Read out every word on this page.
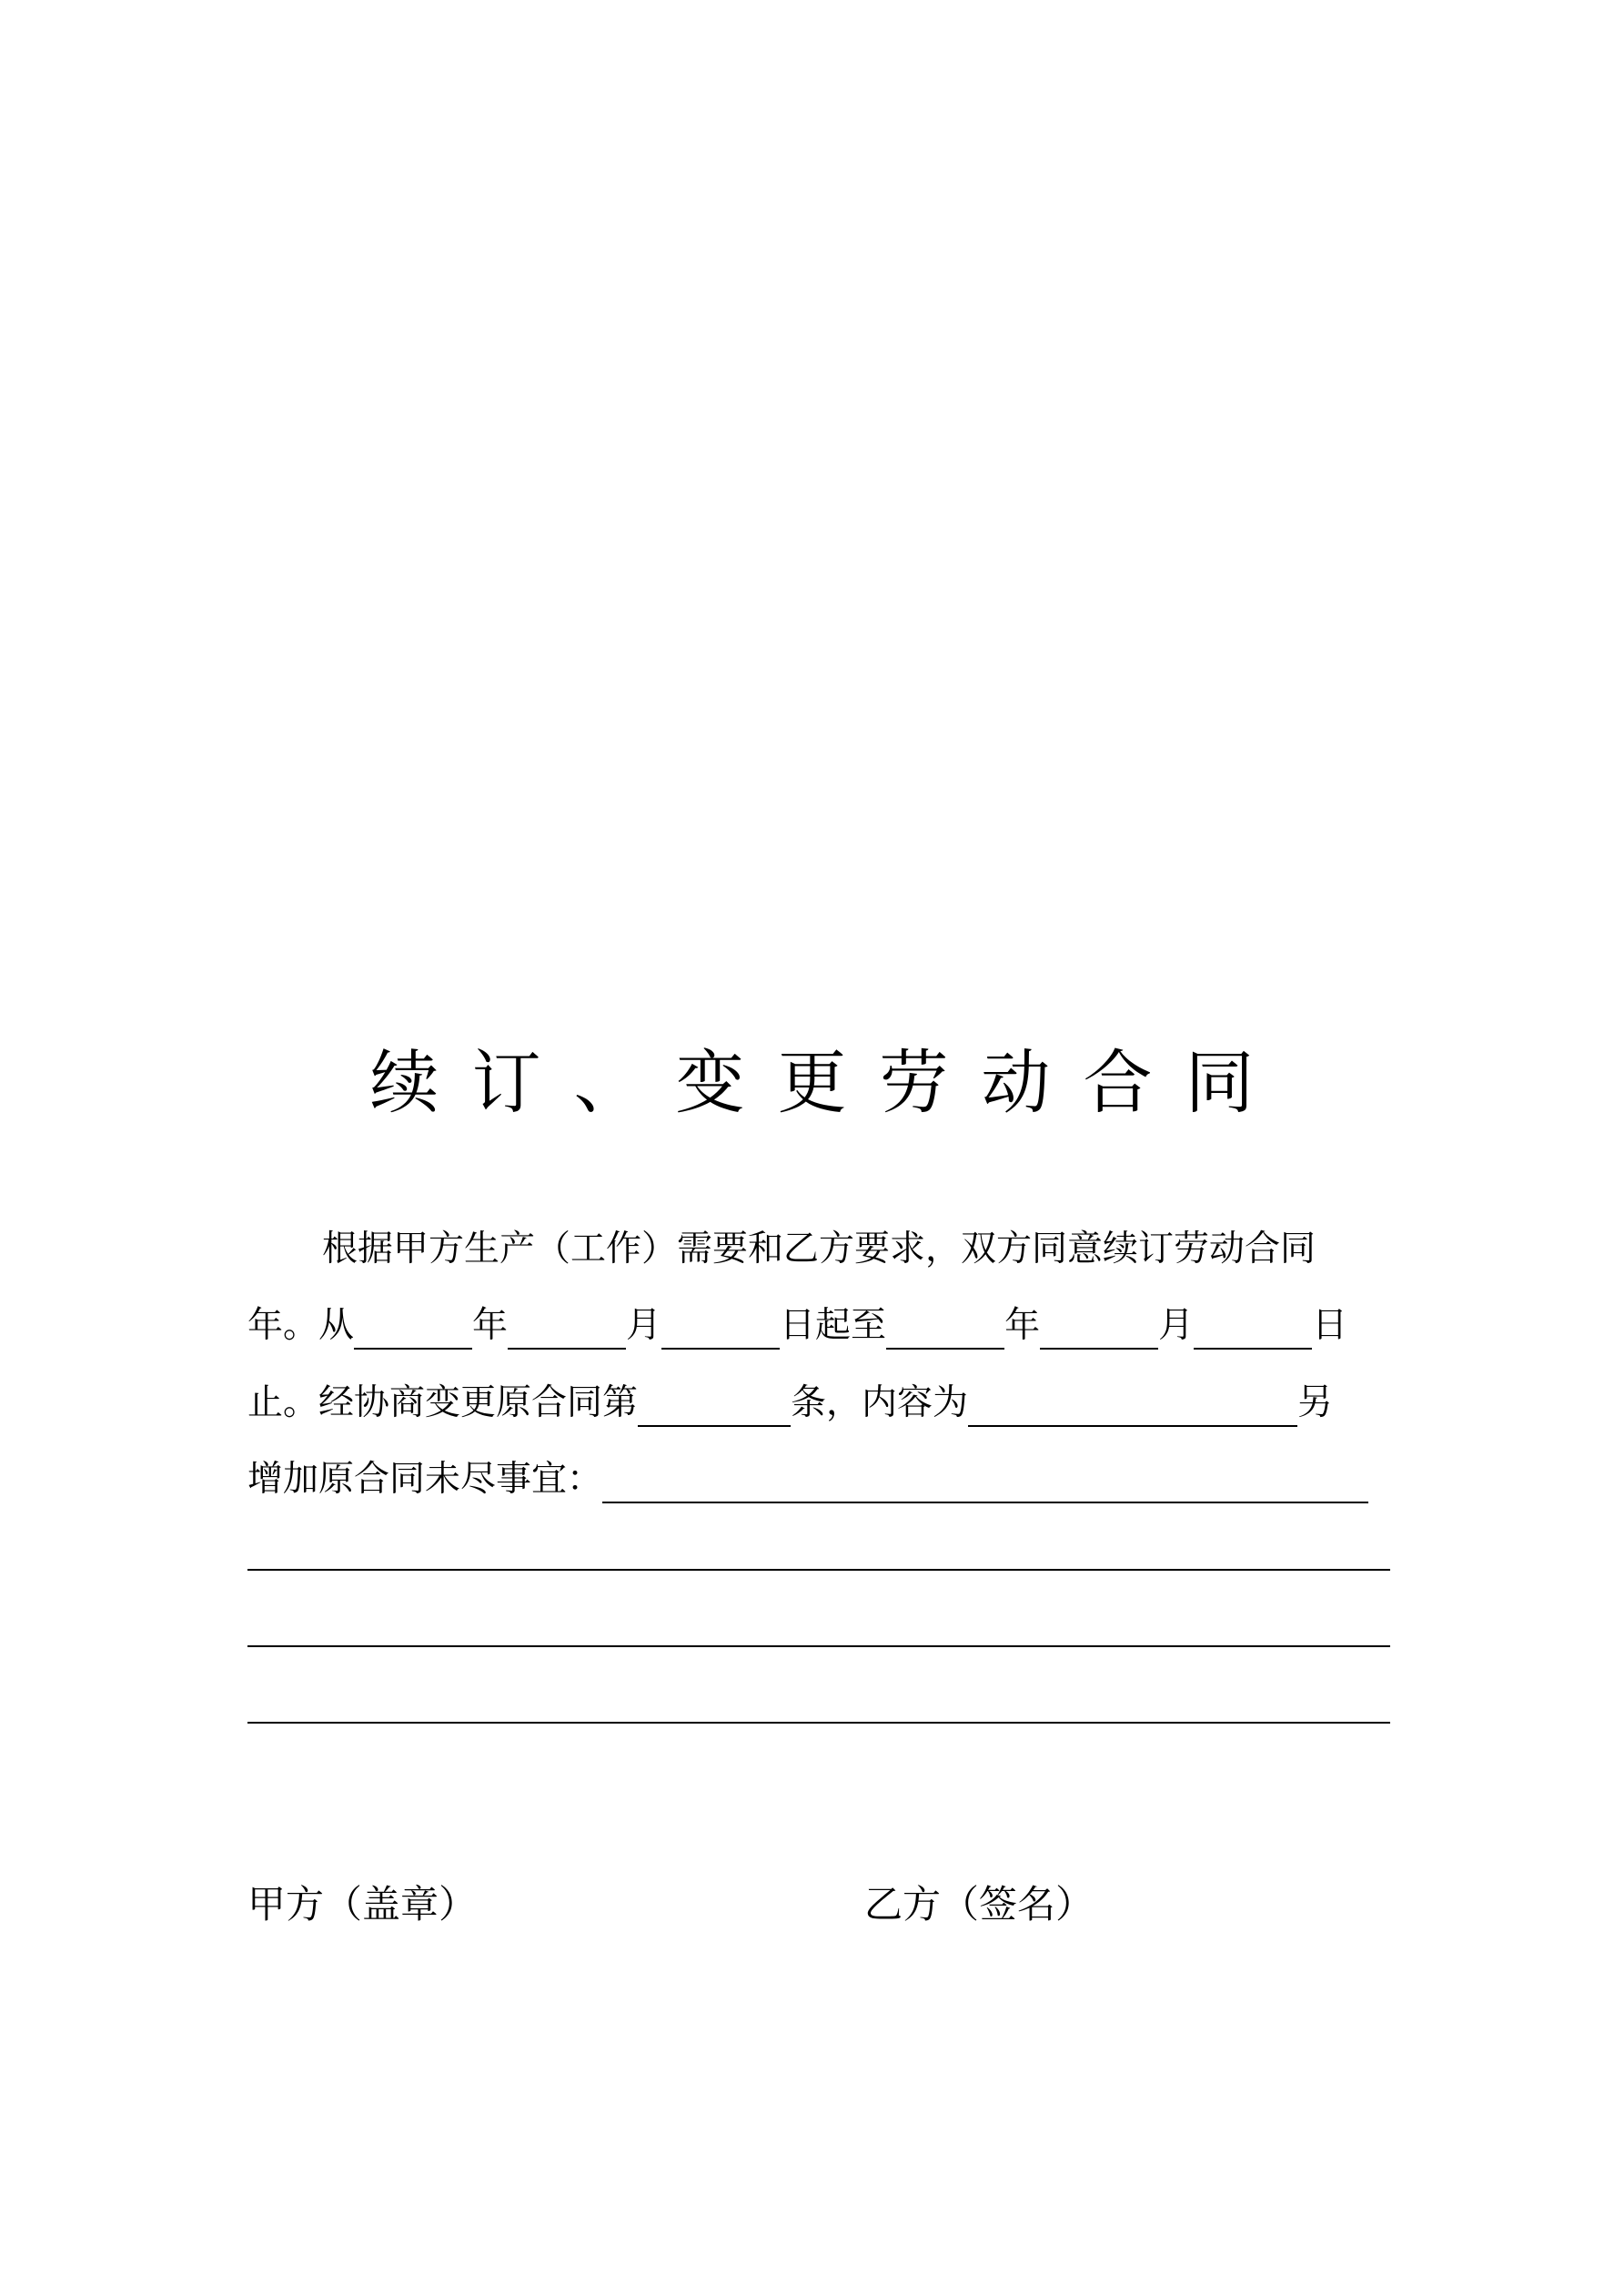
续订、变更劳动合同
根据甲方生产（工作）需要和乙方要求，双方同意续订劳动合同
年。从	年	月	日起至	年	月	日
止。经协商变更原合同第	条，内容为	另
增加原合同未尽事宜：
甲方（盖章）	乙方（签名）
